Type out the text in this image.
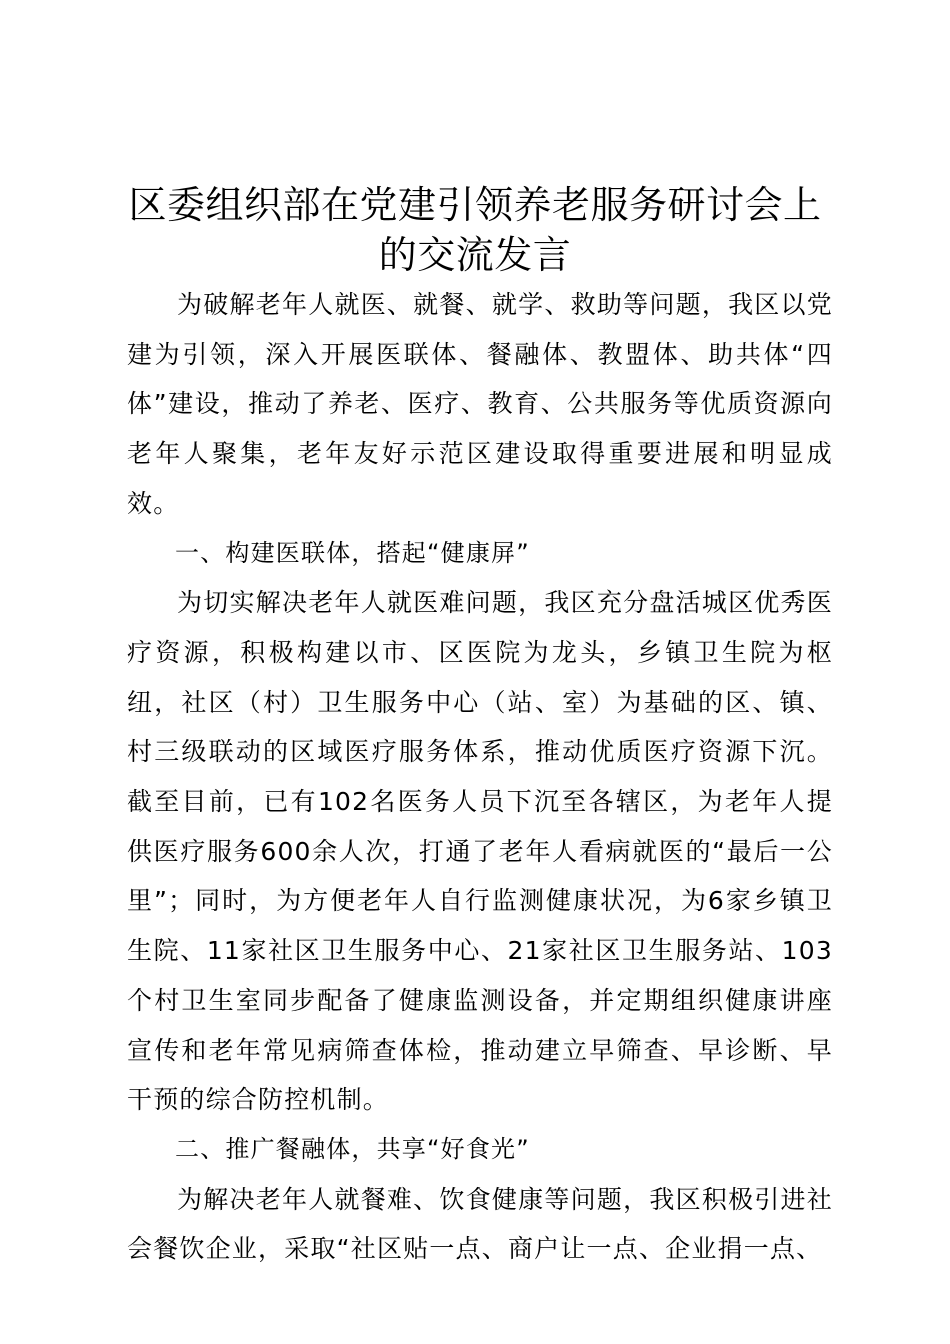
区委组织部在党建引领养老服务研讨会上的交流发言

为破解老年人就医、就餐、就学、救助等问题，我区以党建为引领，深入开展医联体、餐融体、教盟体、助共体“四体”建设，推动了养老、医疗、教育、公共服务等优质资源向老年人聚集，老年友好示范区建设取得重要进展和明显成效。

一、构建医联体，搭起“健康屏”

为切实解决老年人就医难问题，我区充分盘活城区优秀医疗资源，积极构建以市、区医院为龙头，乡镇卫生院为枢纽，社区（村）卫生服务中心（站、室）为基础的区、镇、村三级联动的区域医疗服务体系，推动优质医疗资源下沉。截至目前，已有102名医务人员下沉至各辖区，为老年人提供医疗服务600余人次，打通了老年人看病就医的“最后一公里”；同时，为方便老年人自行监测健康状况，为6家乡镇卫生院、11家社区卫生服务中心、21家社区卫生服务站、103个村卫生室同步配备了健康监测设备，并定期组织健康讲座宣传和老年常见病筛查体检，推动建立早筛查、早诊断、早干预的综合防控机制。

二、推广餐融体，共享“好食光”

为解决老年人就餐难、饮食健康等问题，我区积极引进社会餐饮企业，采取“社区贴一点、商户让一点、企业捐一点、
